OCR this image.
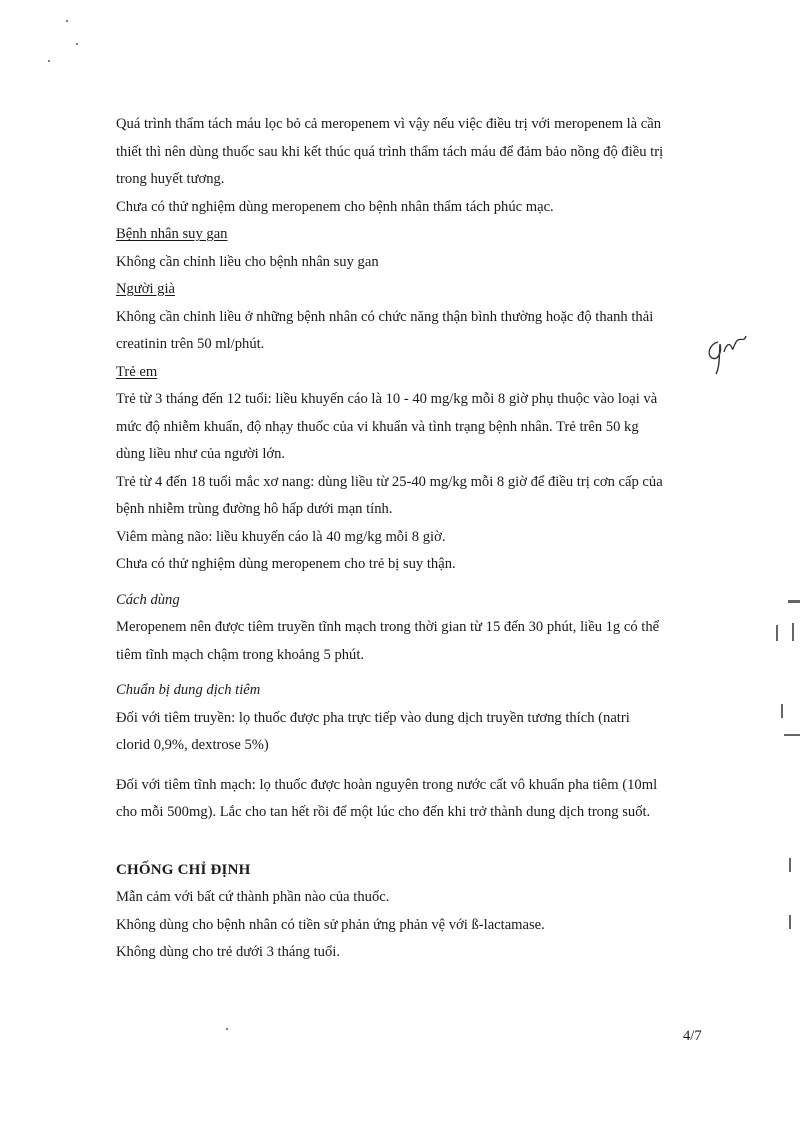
Quá trình thẩm tách máu lọc bỏ cả meropenem vì vậy nếu việc điều trị với meropenem là cần

thiết thì nên dùng thuốc sau khi kết thúc quá trình thẩm tách máu để đảm bảo nồng độ điều trị

trong huyết tương.

Chưa có thử nghiệm dùng meropenem cho bệnh nhân thẩm tách phúc mạc.

Bệnh nhân suy gan

Không cần chỉnh liều cho bệnh nhân suy gan

Người già

Không cần chỉnh liều ở những bệnh nhân có chức năng thận bình thường hoặc độ thanh thải

creatinin trên 50 ml/phút.

Trẻ em

Trẻ từ 3 tháng đến 12 tuổi: liều khuyến cáo là 10 - 40 mg/kg mỗi 8 giờ phụ thuộc vào loại và

mức độ nhiễm khuẩn, độ nhạy thuốc của vi khuẩn và tình trạng bệnh nhân. Trẻ trên 50 kg

dùng liều như của người lớn.

Trẻ từ 4 đến 18 tuổi mắc xơ nang: dùng liều từ 25-40 mg/kg mỗi 8 giờ để điều trị cơn cấp của

bệnh nhiễm trùng đường hô hấp dưới mạn tính.

Viêm màng não: liều khuyến cáo là 40 mg/kg mỗi 8 giờ.

Chưa có thử nghiệm dùng meropenem cho trẻ bị suy thận.

Cách dùng

Meropenem nên được tiêm truyền tĩnh mạch trong thời gian từ 15 đến 30 phút, liều 1g có thể

tiêm tĩnh mạch chậm trong khoảng 5 phút.

Chuẩn bị dung dịch tiêm

Đối với tiêm truyền: lọ thuốc được pha trực tiếp vào dung dịch truyền tương thích (natri

clorid 0,9%, dextrose 5%)

Đối với tiêm tĩnh mạch: lọ thuốc được hoàn nguyên trong nước cất vô khuẩn pha tiêm (10ml

cho mỗi 500mg). Lắc cho tan hết rồi để một lúc cho đến khi trở thành dung dịch trong suốt.

CHỐNG CHỈ ĐỊNH

Mẫn cảm với bất cứ thành phần nào của thuốc.

Không dùng cho bệnh nhân có tiền sử phản ứng phản vệ với ß-lactamase.

Không dùng cho trẻ dưới 3 tháng tuổi.

4/7
